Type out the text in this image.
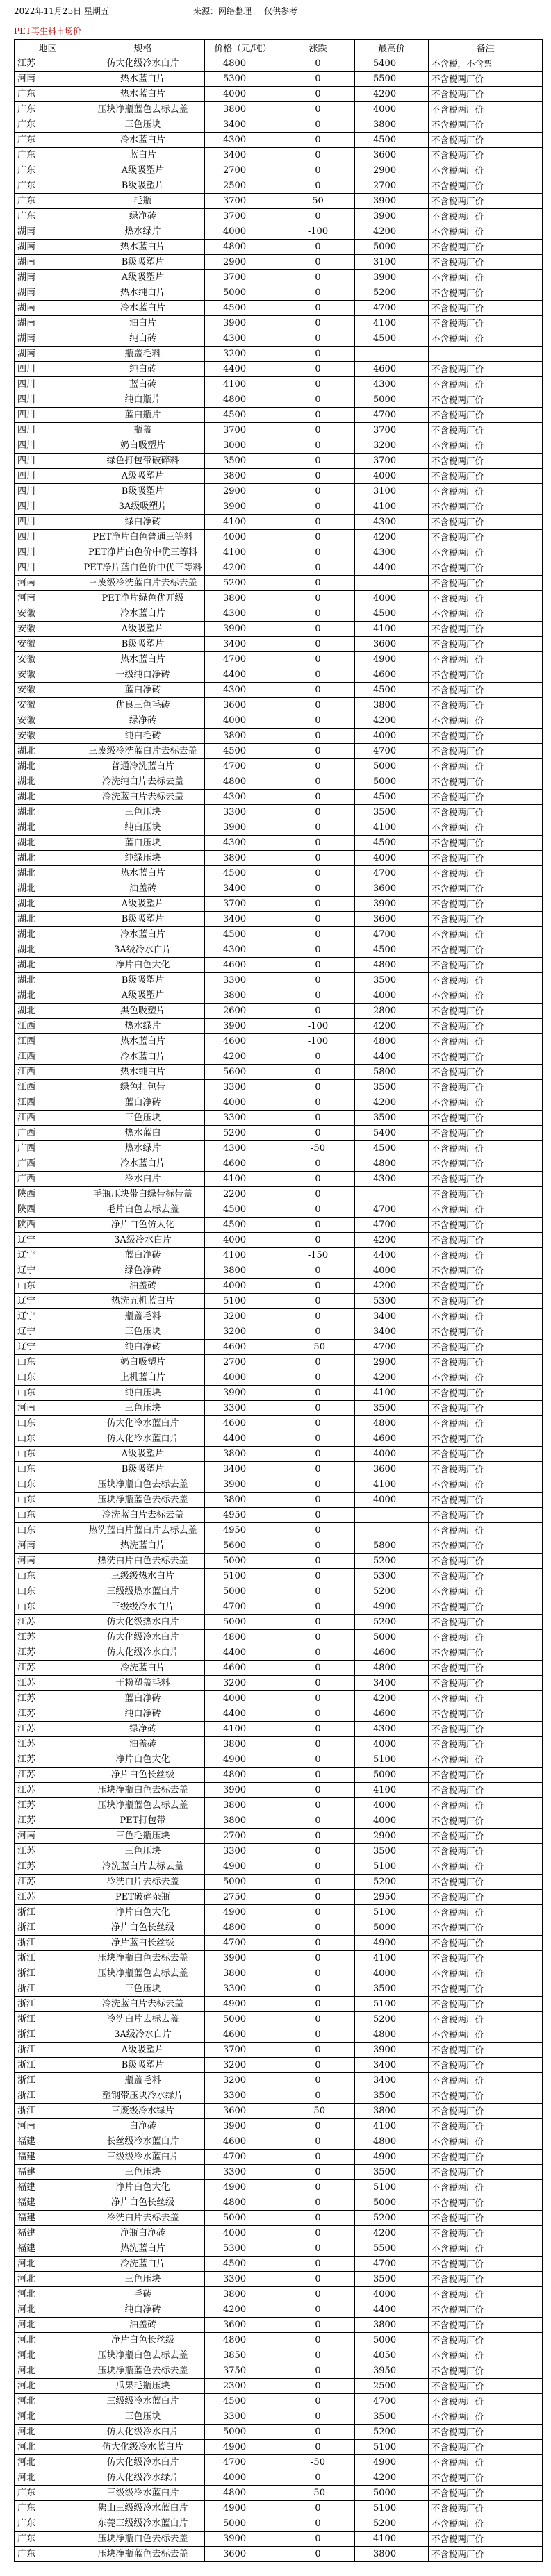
2022年11月25日 星期五	来源：网络整理 仅供参考
PET再生料市场价
地区	规格	价格（元/吨）	涨跌	最高价	备注
江苏	仿大化级冷水白片	4800	0	5400	不含税，不含票
河南	热水蓝白片	5300	0	5500	不含税两厂价
广东	热水蓝白片	4000	0	4200	不含税两厂价
广东	压块净瓶蓝色去标去盖	3800	0	4000	不含税两厂价
广东	三色压块	3400	0	3800	不含税两厂价
广东	冷水蓝白片	4300	0	4500	不含税两厂价
广东	蓝白片	3400	0	3600	不含税两厂价
广东	A级吸塑片	2700	0	2900	不含税两厂价
广东	B级吸塑片	2500	0	2700	不含税两厂价
广东	毛瓶	3700	50	3900	不含税两厂价
广东	绿净砖	3700	0	3900	不含税两厂价
湖南	热水绿片	4000	-100	4200	不含税两厂价
湖南	热水蓝白片	4800	0	5000	不含税两厂价
湖南	B级吸塑片	2900	0	3100	不含税两厂价
湖南	A级吸塑片	3700	0	3900	不含税两厂价
湖南	热水纯白片	5000	0	5200	不含税两厂价
湖南	冷水蓝白片	4500	0	4700	不含税两厂价
湖南	油白片	3900	0	4100	不含税两厂价
湖南	纯白砖	4300	0	4500	不含税两厂价
湖南	瓶盖毛料	3200	0		
四川	纯白砖	4400	0	4600	不含税两厂价
四川	蓝白砖	4100	0	4300	不含税两厂价
四川	纯白瓶片	4800	0	5000	不含税两厂价
四川	蓝白瓶片	4500	0	4700	不含税两厂价
四川	瓶盖	3700	0	3700	不含税两厂价
四川	奶白吸塑片	3000	0	3200	不含税两厂价
四川	绿色打包带破碎料	3500	0	3700	不含税两厂价
四川	A级吸塑片	3800	0	4000	不含税两厂价
四川	B级吸塑片	2900	0	3100	不含税两厂价
四川	3A级吸塑片	3900	0	4100	不含税两厂价
四川	绿白净砖	4100	0	4300	不含税两厂价
四川	PET净片白色普通三等料	4000	0	4200	不含税两厂价
四川	PET净片白色价中优三等料	4100	0	4300	不含税两厂价
四川	PET净片蓝白色价中优三等料	4200	0	4400	不含税两厂价
河南	三废级冷洗蓝白片去标去盖	5200	0		不含税两厂价
河南	PET净片绿色优开级	3800	0	4000	不含税两厂价
安徽	冷水蓝白片	4300	0	4500	不含税两厂价
安徽	A级吸塑片	3900	0	4100	不含税两厂价
安徽	B级吸塑片	3400	0	3600	不含税两厂价
安徽	热水蓝白片	4700	0	4900	不含税两厂价
安徽	一级纯白净砖	4400	0	4600	不含税两厂价
安徽	蓝白净砖	4300	0	4500	不含税两厂价
安徽	优良三色毛砖	3600	0	3800	不含税两厂价
安徽	绿净砖	4000	0	4200	不含税两厂价
安徽	纯白毛砖	3800	0	4000	不含税两厂价
湖北	三废级冷洗蓝白片去标去盖	4500	0	4700	不含税两厂价
湖北	普通冷洗蓝白片	4700	0	5000	不含税两厂价
湖北	冷洗纯白片去标去盖	4800	0	5000	不含税两厂价
湖北	冷洗蓝白片去标去盖	4300	0	4500	不含税两厂价
湖北	三色压块	3300	0	3500	不含税两厂价
湖北	纯白压块	3900	0	4100	不含税两厂价
湖北	蓝白压块	4300	0	4500	不含税两厂价
湖北	纯绿压块	3800	0	4000	不含税两厂价
湖北	热水蓝白片	4500	0	4700	不含税两厂价
湖北	油盖砖	3400	0	3600	不含税两厂价
湖北	A级吸塑片	3700	0	3900	不含税两厂价
湖北	B级吸塑片	3400	0	3600	不含税两厂价
湖北	冷水蓝白片	4500	0	4700	不含税两厂价
湖北	3A级冷水白片	4300	0	4500	不含税两厂价
湖北	净片白色大化	4600	0	4800	不含税两厂价
湖北	B级吸塑片	3300	0	3500	不含税两厂价
湖北	A级吸塑片	3800	0	4000	不含税两厂价
湖北	黑色吸塑片	2600	0	2800	不含税两厂价
江西	热水绿片	3900	-100	4200	不含税两厂价
江西	热水蓝白片	4600	-100	4800	不含税两厂价
江西	冷水蓝白片	4200	0	4400	不含税两厂价
江西	热水纯白片	5600	0	5800	不含税两厂价
江西	绿色打包带	3300	0	3500	不含税两厂价
江西	蓝白净砖	4000	0	4200	不含税两厂价
江西	三色压块	3300	0	3500	不含税两厂价
广西	热水蓝白	5200	0	5400	不含税两厂价
广西	热水绿片	4300	-50	4500	不含税两厂价
广西	冷水蓝白片	4600	0	4800	不含税两厂价
广西	冷水白片	4100	0	4300	不含税两厂价
陕西	毛瓶压块带白绿带标带盖	2200	0		不含税两厂价
陕西	毛片白色去标去盖	4500	0	4700	不含税两厂价
陕西	净片白色仿大化	4500	0	4700	不含税两厂价
辽宁	3A级冷水白片	4000	0	4200	不含税两厂价
辽宁	蓝白净砖	4100	-150	4400	不含税两厂价
辽宁	绿色净砖	3800	0	4000	不含税两厂价
山东	油盖砖	4000	0	4200	不含税两厂价
辽宁	热洗五机蓝白片	5100	0	5300	不含税两厂价
辽宁	瓶盖毛料	3200	0	3400	不含税两厂价
辽宁	三色压块	3200	0	3400	不含税两厂价
辽宁	纯白净砖	4600	-50	4700	不含税两厂价
山东	奶白吸塑片	2700	0	2900	不含税两厂价
山东	上机蓝白片	4000	0	4200	不含税两厂价
山东	纯白压块	3900	0	4100	不含税两厂价
河南	三色压块	3300	0	3500	不含税两厂价
山东	仿大化冷水蓝白片	4600	0	4800	不含税两厂价
山东	仿大化冷水蓝白片	4400	0	4600	不含税两厂价
山东	A级吸塑片	3800	0	4000	不含税两厂价
山东	B级吸塑片	3400	0	3600	不含税两厂价
山东	压块净瓶白色去标去盖	3900	0	4100	不含税两厂价
山东	压块净瓶蓝色去标去盖	3800	0	4000	不含税两厂价
山东	冷洗蓝白片去标去盖	4950	0		不含税两厂价
山东	热洗蓝白片蓝白片去标去盖	4950	0		不含税两厂价
河南	热洗蓝白片	5600	0	5800	不含税两厂价
河南	热洗白片白色去标去盖	5000	0	5200	不含税两厂价
山东	三级级热水白片	5100	0	5300	不含税两厂价
山东	三级级热水蓝白片	5000	0	5200	不含税两厂价
山东	三级级冷水白片	4700	0	4900	不含税两厂价
江苏	仿大化级热水白片	5000	0	5200	不含税两厂价
江苏	仿大化级冷水白片	4800	0	5000	不含税两厂价
江苏	仿大化级冷水白片	4400	0	4600	不含税两厂价
江苏	冷洗蓝白片	4600	0	4800	不含税两厂价
江苏	干粉塑盖毛料	3200	0	3400	不含税两厂价
江苏	蓝白净砖	4000	0	4200	不含税两厂价
江苏	纯白净砖	4400	0	4600	不含税两厂价
江苏	绿净砖	4100	0	4300	不含税两厂价
江苏	油盖砖	3800	0	4000	不含税两厂价
江苏	净片白色大化	4900	0	5100	不含税两厂价
江苏	净片白色长丝级	4800	0	5000	不含税两厂价
江苏	压块净瓶白色去标去盖	3900	0	4100	不含税两厂价
江苏	压块净瓶蓝色去标去盖	3800	0	4000	不含税两厂价
江苏	PET打包带	3800	0	4000	不含税两厂价
河南	三色毛瓶压块	2700	0	2900	不含税两厂价
江苏	三色压块	3300	0	3500	不含税两厂价
江苏	冷洗蓝白片去标去盖	4900	0	5100	不含税两厂价
江苏	冷洗白片去标去盖	5000	0	5200	不含税两厂价
江苏	PET破碎杂瓶	2750	0	2950	不含税两厂价
浙江	净片白色大化	4900	0	5100	不含税两厂价
浙江	净片白色长丝级	4800	0	5000	不含税两厂价
浙江	净片蓝白长丝级	4700	0	4900	不含税两厂价
浙江	压块净瓶白色去标去盖	3900	0	4100	不含税两厂价
浙江	压块净瓶蓝色去标去盖	3800	0	4000	不含税两厂价
浙江	三色压块	3300	0	3500	不含税两厂价
浙江	冷洗蓝白片去标去盖	4900	0	5100	不含税两厂价
浙江	冷洗白片去标去盖	5000	0	5200	不含税两厂价
浙江	3A级冷水白片	4600	0	4800	不含税两厂价
浙江	A级吸塑片	3700	0	3900	不含税两厂价
浙江	B级吸塑片	3200	0	3400	不含税两厂价
浙江	瓶盖毛料	3200	0	3400	不含税两厂价
浙江	塑钢带压块冷水绿片	3300	0	3500	不含税两厂价
浙江	三废级冷水绿片	3600	-50	3800	不含税两厂价
河南	白净砖	3900	0	4100	不含税两厂价
福建	长丝级冷水蓝白片	4600	0	4800	不含税两厂价
福建	三级级冷水蓝白片	4700	0	4900	不含税两厂价
福建	三色压块	3300	0	3500	不含税两厂价
福建	净片白色大化	4900	0	5100	不含税两厂价
福建	净片白色长丝级	4800	0	5000	不含税两厂价
福建	冷洗白片去标去盖	5000	0	5200	不含税两厂价
福建	净瓶白净砖	4000	0	4200	不含税两厂价
福建	热洗蓝白片	5300	0	5500	不含税两厂价
河北	冷洗蓝白片	4500	0	4700	不含税两厂价
河北	三色压块	3300	0	3500	不含税两厂价
河北	毛砖	3800	0	4000	不含税两厂价
河北	纯白净砖	4200	0	4400	不含税两厂价
河北	油盖砖	3600	0	3800	不含税两厂价
河北	净片白色长丝级	4800	0	5000	不含税两厂价
河北	压块净瓶白色去标去盖	3850	0	4050	不含税两厂价
河北	压块净瓶蓝色去标去盖	3750	0	3950	不含税两厂价
河北	瓜果毛瓶压块	2300	0	2500	不含税两厂价
河北	三级级冷水蓝白片	4500	0	4700	不含税两厂价
河北	三色压块	3300	0	3500	不含税两厂价
河北	仿大化级冷水白片	5000	0	5200	不含税两厂价
河北	仿大化级冷水蓝白片	4900	0	5100	不含税两厂价
河北	仿大化级冷水白片	4700	-50	4900	不含税两厂价
河北	仿大化级冷水绿片	4000	0	4200	不含税两厂价
广东	三级级冷水蓝白片	4800	-50	5000	不含税两厂价
广东	佛山三级级冷水蓝白片	4900	0	5100	不含税两厂价
广东	东莞三级级冷水蓝白片	5000	0	5200	不含税两厂价
广东	压块净瓶白色去标去盖	3900	0	4100	不含税两厂价
广东	压块净瓶蓝色去标去盖	3600	0	3800	不含税两厂价
